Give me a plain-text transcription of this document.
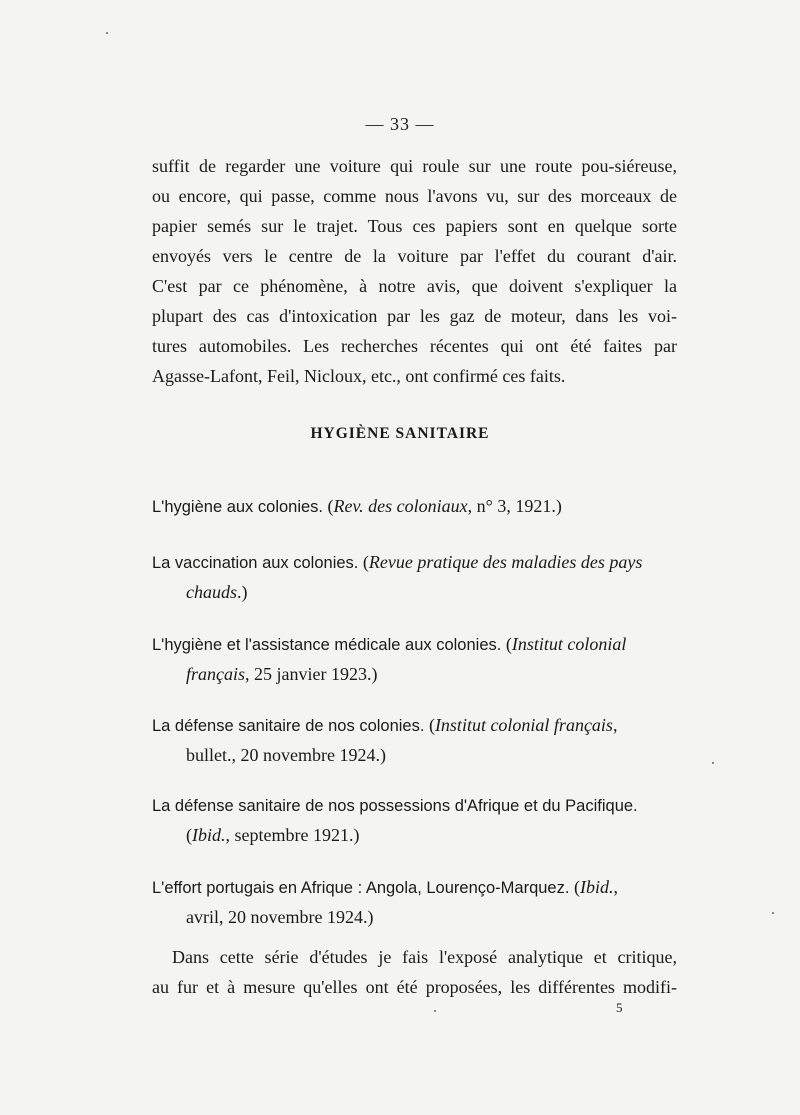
— 33 —
suffit de regarder une voiture qui roule sur une route pou-siéreuse,
ou encore, qui passe, comme nous l'avons vu, sur des morceaux de
papier semés sur le trajet. Tous ces papiers sont en quelque sorte
envoyés vers le centre de la voiture par l'effet du courant d'air.
C'est par ce phénomène, à notre avis, que doivent s'expliquer la
plupart des cas d'intoxication par les gaz de moteur, dans les voi-
tures automobiles. Les recherches récentes qui ont été faites par
Agasse-Lafont, Feil, Nicloux, etc., ont confirmé ces faits.
HYGIÈNE SANITAIRE
L'hygiène aux colonies. (Rev. des coloniaux, n° 3, 1921.)
La vaccination aux colonies. (Revue pratique des maladies des pays
chauds.)
L'hygiène et l'assistance médicale aux colonies. (Institut colonial
français, 25 janvier 1923.)
La défense sanitaire de nos colonies. (Institut colonial français,
bullet., 20 novembre 1924.)
La défense sanitaire de nos possessions d'Afrique et du Pacifique.
(Ibid., septembre 1921.)
L'effort portugais en Afrique : Angola, Lourenço-Marquez. (Ibid.,
avril, 20 novembre 1924.)
Dans cette série d'études je fais l'exposé analytique et critique,
au fur et à mesure qu'elles ont été proposées, les différentes modifi-
5
